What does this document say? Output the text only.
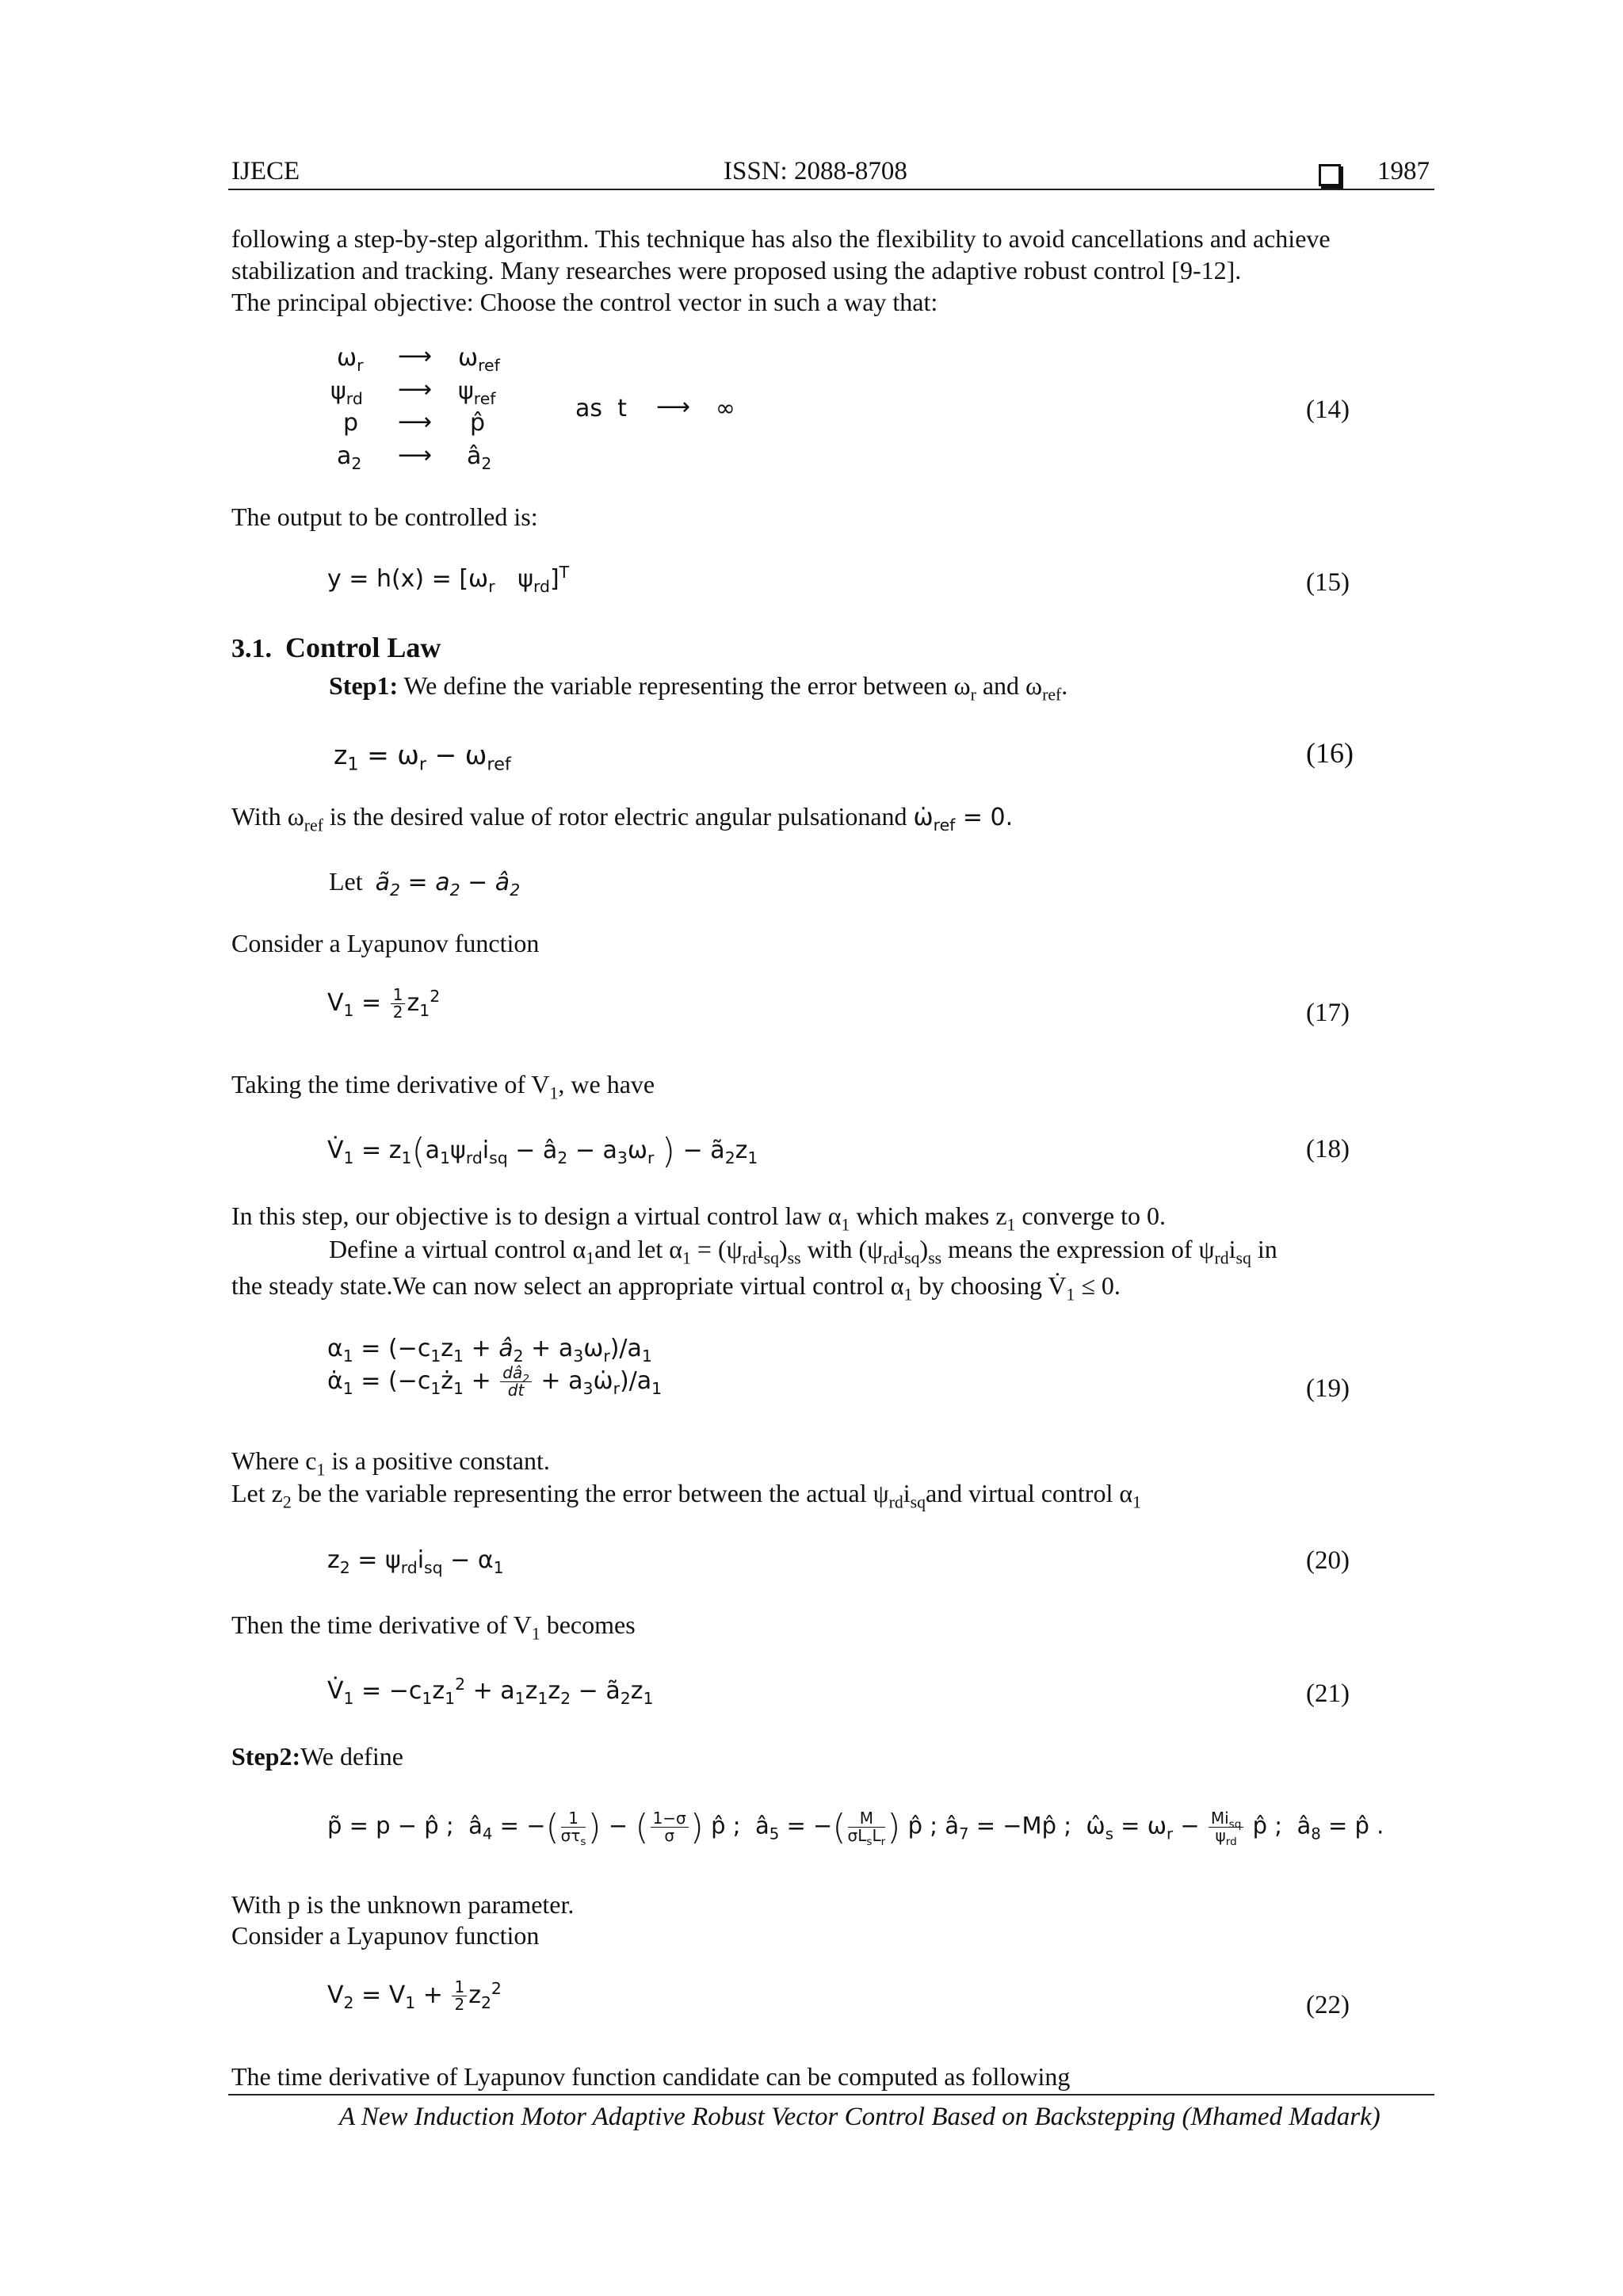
IJECE	ISSN: 2088-8708	1987
following a step-by-step algorithm. This technique has also the flexibility to avoid cancellations and achieve
stabilization and tracking. Many researches were proposed using the adaptive robust control [9-12].
The principal objective: Choose the control vector in such a way that:
$\omega_r$ ⟶ $\omega_{ref}$
$\psi_{rd}$ ⟶ $\psi_{ref}$
p ⟶ p̂
$a_2$ ⟶ $â_2$
as  t ⟶ ∞	(14)
The output to be controlled is:
$y = h(x) = [\omega_r$ $\psi_{rd}]^T$	(15)
3.1. Control Law
Step1: We define the variable representing the error between $\omega_r$ and $\omega_{ref}$.
$z_1 = \omega_r - \omega_{ref}$	(16)
With $\omega_{ref}$ is the desired value of rotor electric angular pulsationand $\omegȧ_{ref} = 0$.
Let $ã_2 = a_2$ − $â_2$
Consider a Lyapunov function
$V_1 = \frac{1}{2} z_1^2$
(17)
Taking the time derivative of $V_1$, we have
$V̇_1 = z_1(a_1\psi_{rd}i_{sq}$ − $â_2 - a_3\omega_r$ ) − $ã_2z_1$	(18)
In this step, our objective is to design a virtual control law $\alpha_1$ which makes $z_1$ converge to 0.
Define a virtual control $\alpha_1and$ let $\alpha_1 = (\psi_{rd}i_{sq})_{ss}$ with $(\psi_{rd}i_{sq})_{ss}$ means the expression of $\psi_{rd}i_{sq}$ in
the steady state.We can now select an appropriate virtual control $\alpha_1$ by choosing $V̇_1 \le 0$.
$\alpha_1 = (-c_1z_1$ + $â_2 + a_3\omega_r)/a_1$
$\alphȧ_1$ = ($-c_1ż_1 + \frac{dâ_2}{dt}$ + $a_3\omegȧ_r)/a_1$	(19)
Where $c_1$ is a positive constant.
Let $z_2$ be the variable representing the error between the actual $\psi_{rd}i_{sq}and$ virtual control $\alpha_1$
$z_2 = \psi_{rd}i_{sq} - \alpha_1$	(20)
Then the time derivative of $V_1$ becomes
$V̇_1 = -c_1z_1^2 + a_1z_1z_2$ − $ã_2z_1$	(21)
Step2:We define
p̃ = p − p̂ ;  $â_4$ = −( $\frac{1}{\sigma\tau_s}$ ) − ( $\frac{1-\sigma}{\sigma}$ ) p̂ ;  $â_5$ = −( $\frac{M}{\sigma L_sL_r}$ ) p̂ ; $â_7$ = −Mp̂ ;  $\omegâ_s = \omega_r - \frac{Mi_{sq}}{\psi_{rd}}$ p̂ ;  $â_8$ = p̂ .
With p is the unknown parameter.
Consider a Lyapunov function
$V_2 = V_1 + \frac{1}{2} z_2^2$
(22)
The time derivative of Lyapunov function candidate can be computed as following
A New Induction Motor Adaptive Robust Vector Control Based on Backstepping (Mhamed Madark)
